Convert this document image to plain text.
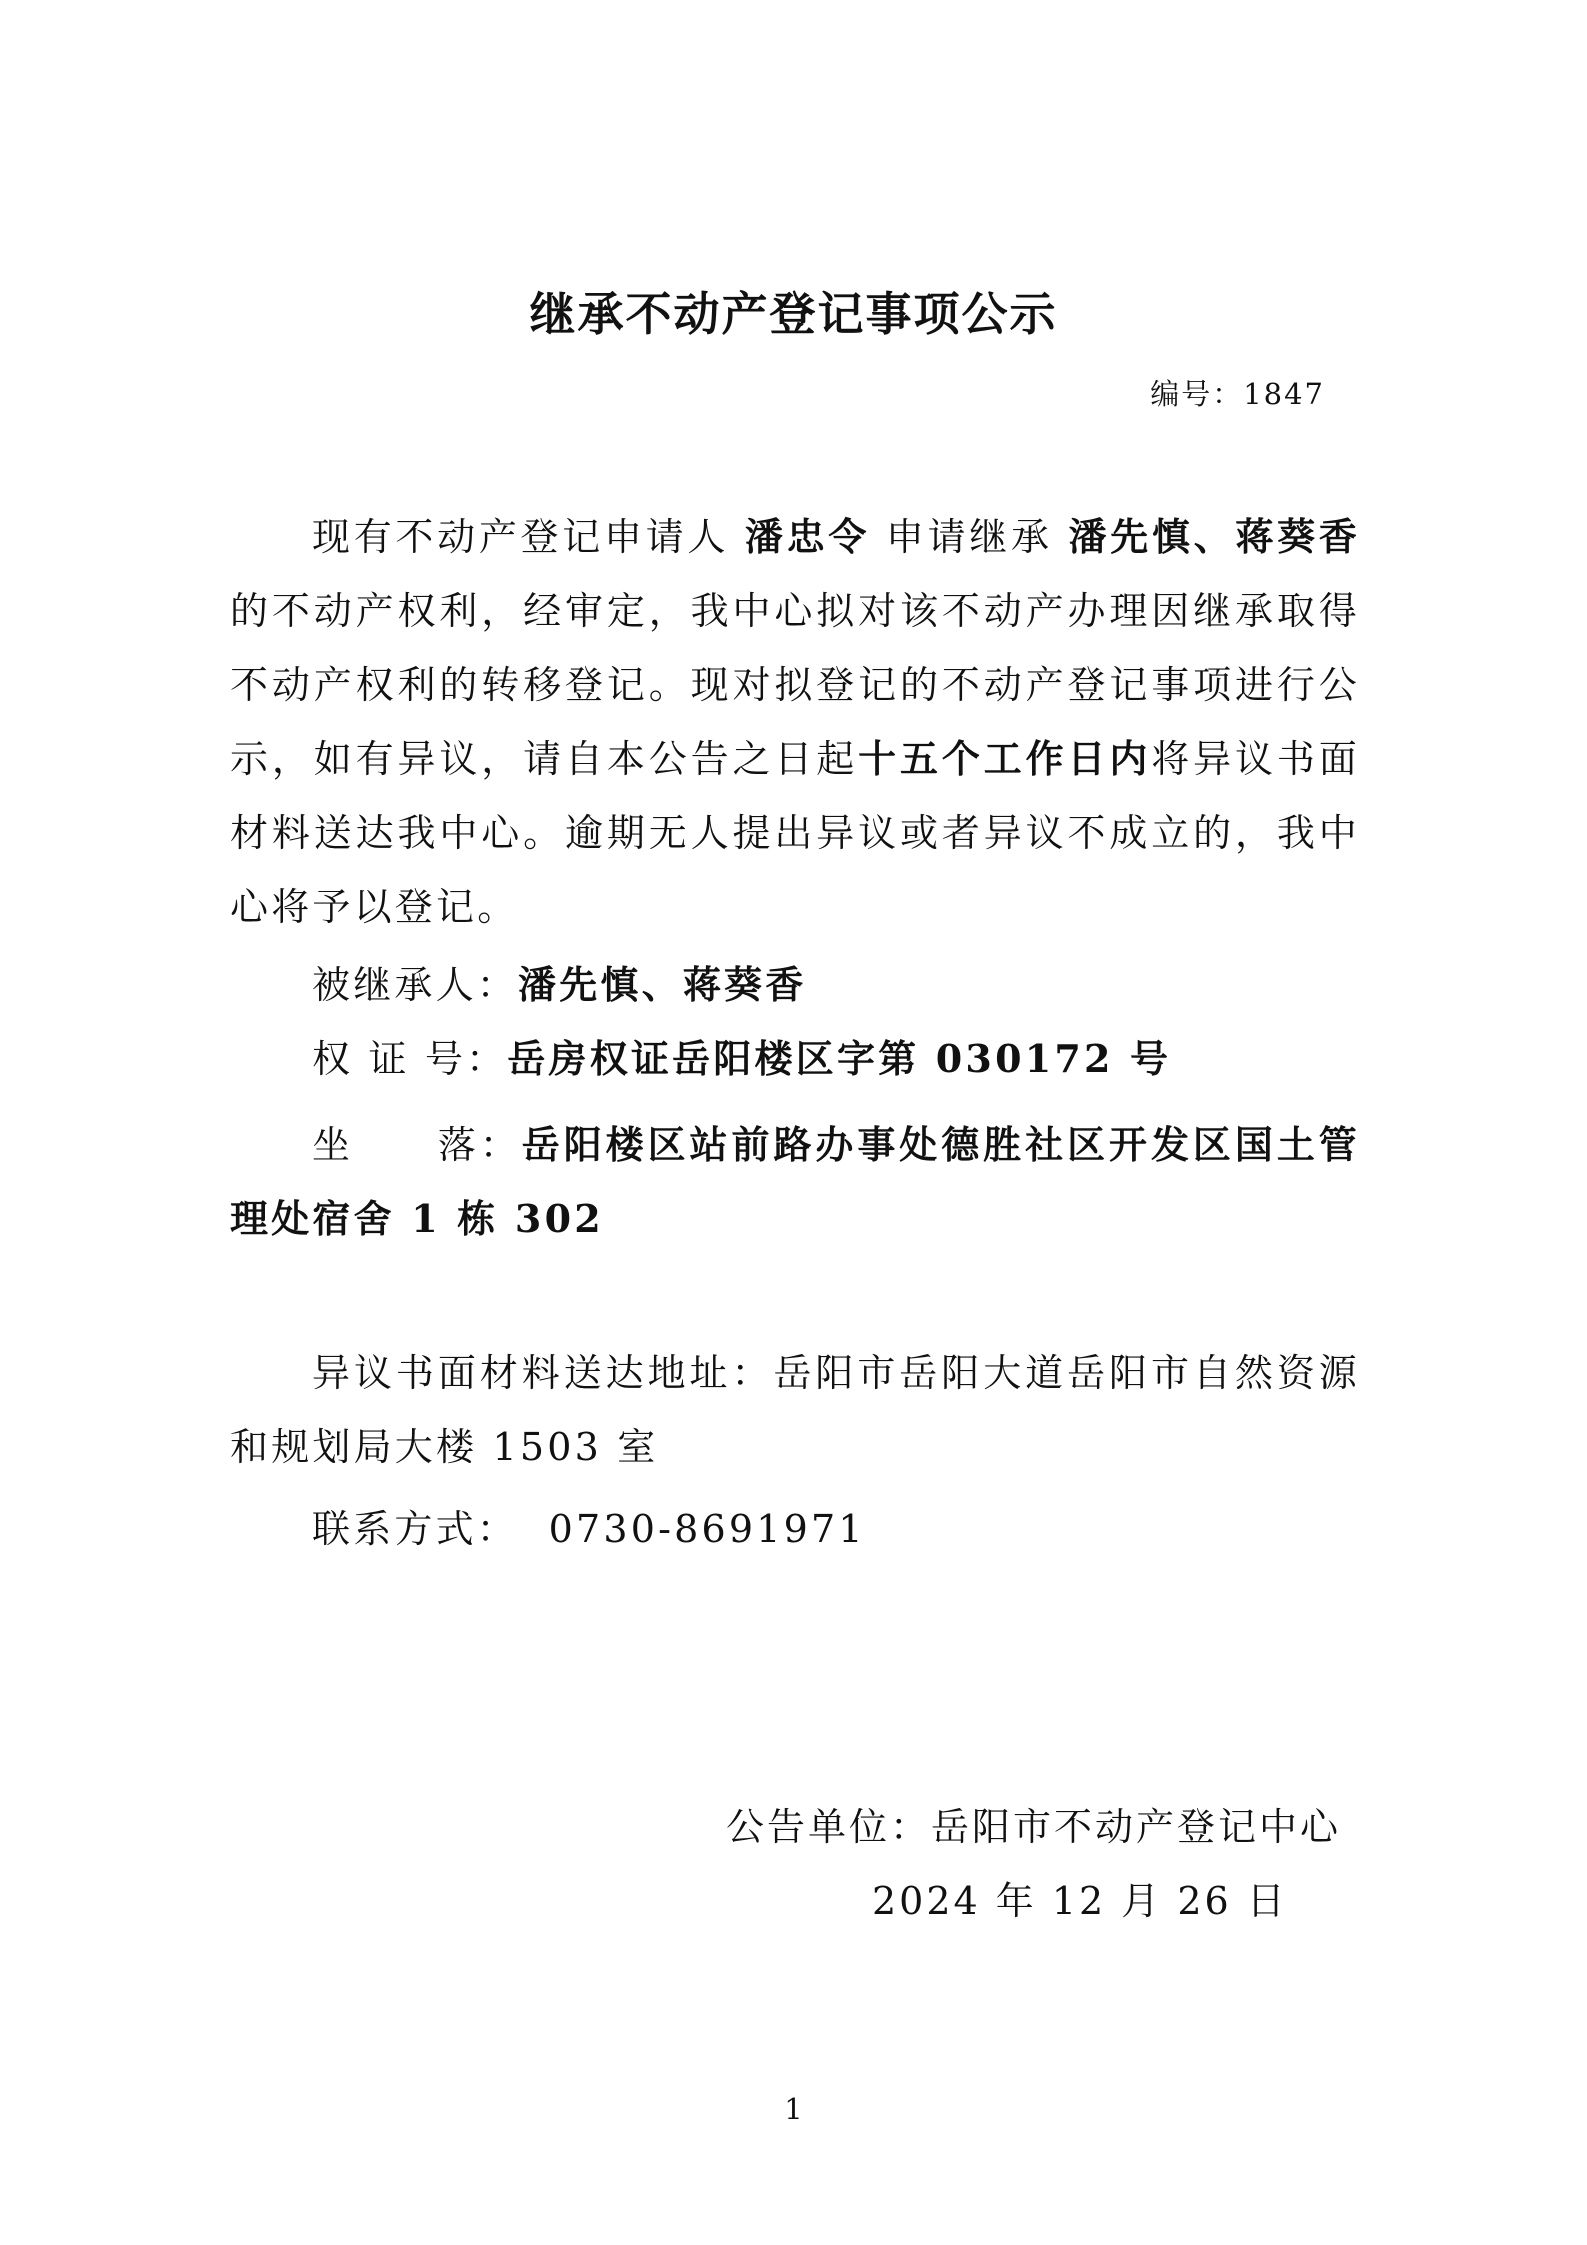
继承不动产登记事项公示
编号：1847

现有不动产登记申请人 潘忠令 申请继承 潘先慎、蒋葵香的不动产权利，经审定，我中心拟对该不动产办理因继承取得不动产权利的转移登记。现对拟登记的不动产登记事项进行公示，如有异议，请自本公告之日起十五个工作日内将异议书面材料送达我中心。逾期无人提出异议或者异议不成立的，我中心将予以登记。

被继承人：潘先慎、蒋葵香

权 证 号：岳房权证岳阳楼区字第 030172 号

坐　　落：岳阳楼区站前路办事处德胜社区开发区国土管理处宿舍 1 栋 302

异议书面材料送达地址：岳阳市岳阳大道岳阳市自然资源和规划局大楼 1503 室

联系方式： 0730-8691971

公告单位：岳阳市不动产登记中心
2024 年 12 月 26 日
1
